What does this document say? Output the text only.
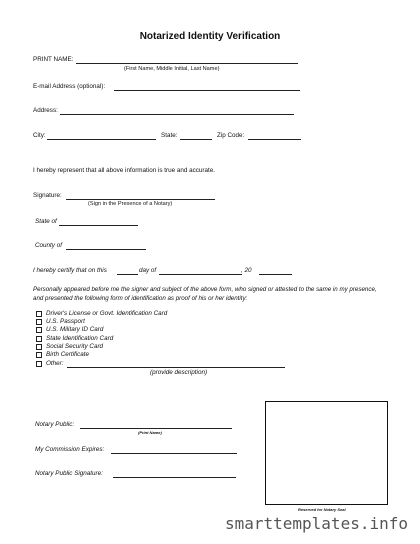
Notarized Identity Verification
PRINT NAME:
(First Name, Middle Initial, Last Name)
E-mail Address (optional):
Address:
City:	State:	Zip Code:
I hereby represent that all above information is true and accurate.
Signature:
(Sign in the Presence of a Notary)
State of
County of
I hereby certify that on this	day of	, 20
Personally appeared before me the signer and subject of the above form, who signed or attested to the same in my presence, and presented the following form of identification as proof of his or her identity:
Driver's License or Govt. Identification Card
U.S. Passport
U.S. Military ID Card
State Identification Card
Social Security Card
Birth Certificate
Other:
(provide description)
Notary Public:
(Print Name)
My Commission Expires:
Notary Public Signature:
Reserved for Notary Seal
smarttemplates.info
